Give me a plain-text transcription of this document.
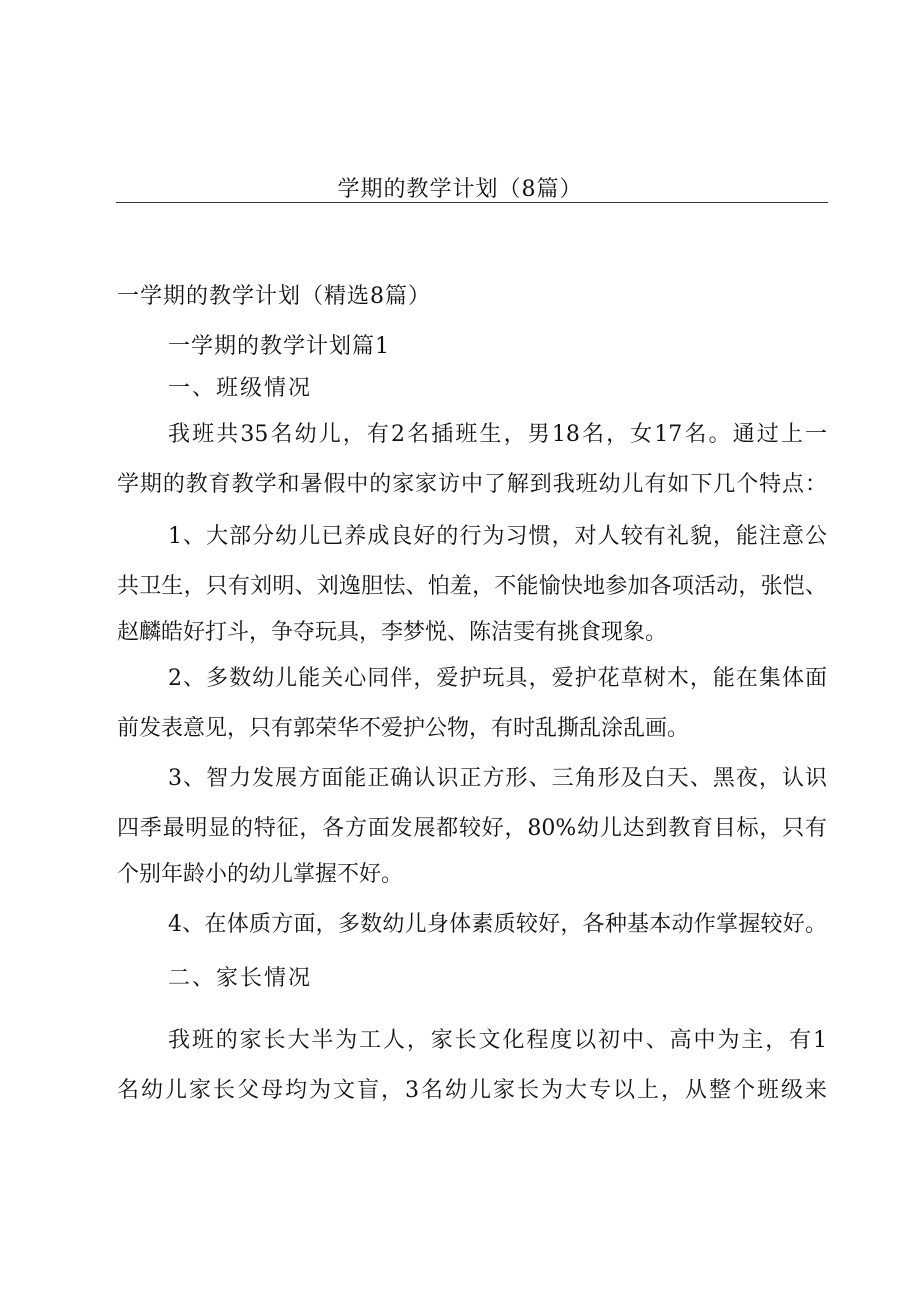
学期的教学计划（8篇）
一学期的教学计划（精选8篇）
一学期的教学计划篇1
一、班级情况
我班共35名幼儿，有2名插班生，男18名，女17名。通过上一
学期的教育教学和暑假中的家家访中了解到我班幼儿有如下几个特点：
1、大部分幼儿已养成良好的行为习惯，对人较有礼貌，能注意公
共卫生，只有刘明、刘逸胆怯、怕羞，不能愉快地参加各项活动，张恺、
赵麟皓好打斗，争夺玩具，李梦悦、陈洁雯有挑食现象。
2、多数幼儿能关心同伴，爱护玩具，爱护花草树木，能在集体面
前发表意见，只有郭荣华不爱护公物，有时乱撕乱涂乱画。
3、智力发展方面能正确认识正方形、三角形及白天、黑夜，认识
四季最明显的特征，各方面发展都较好，80%幼儿达到教育目标，只有
个别年龄小的幼儿掌握不好。
4、在体质方面，多数幼儿身体素质较好，各种基本动作掌握较好。
二、家长情况
我班的家长大半为工人，家长文化程度以初中、高中为主，有1
名幼儿家长父母均为文盲，3名幼儿家长为大专以上，从整个班级来
